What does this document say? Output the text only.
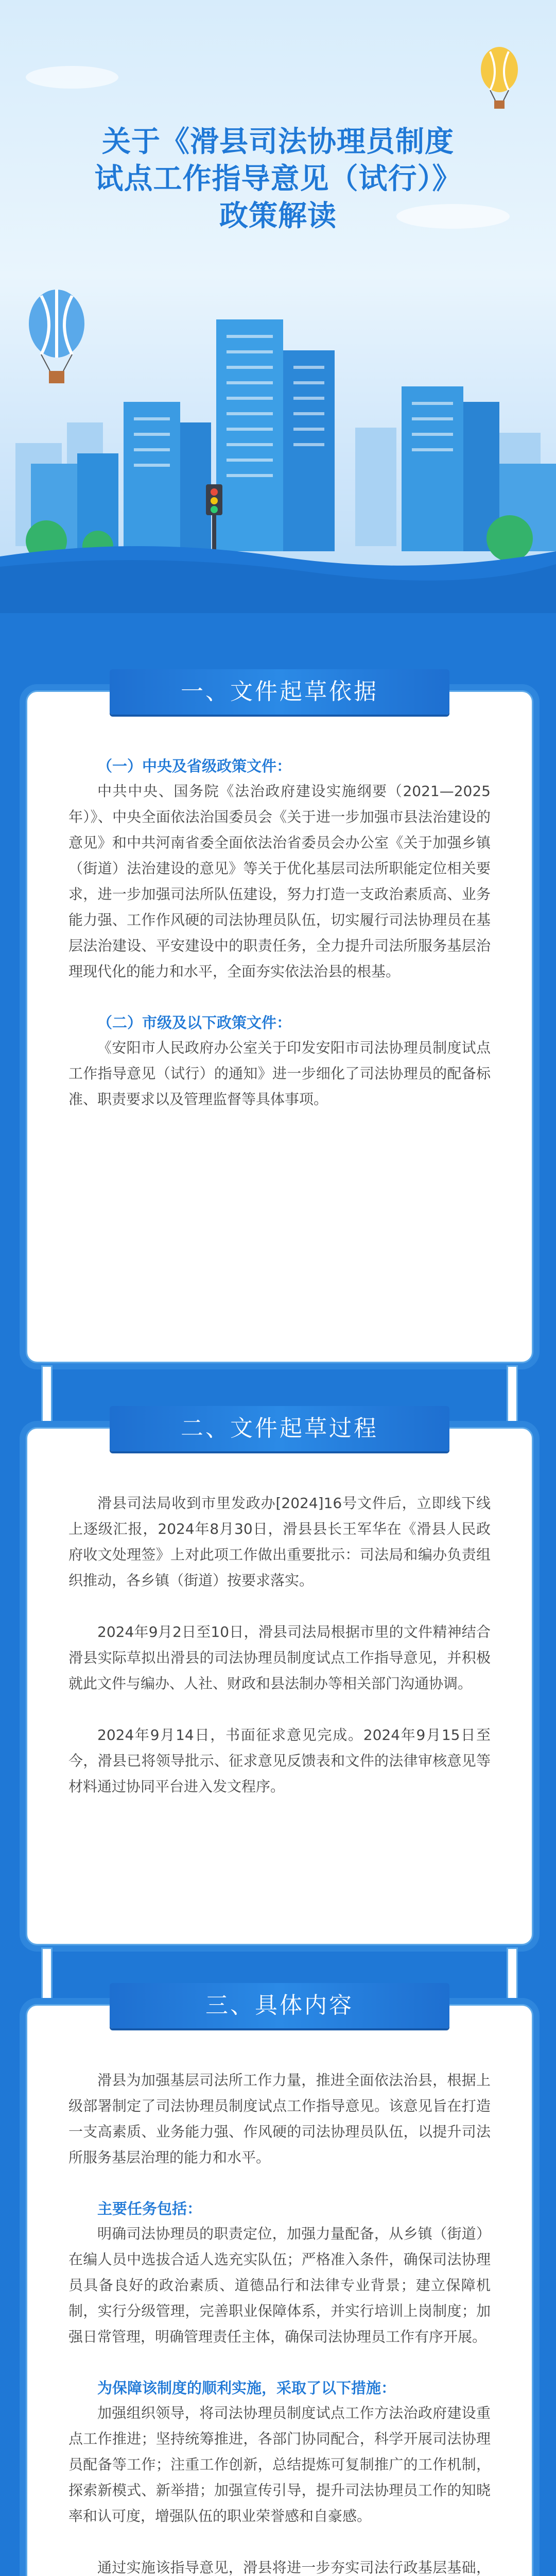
关于《滑县司法协理员制度
试点工作指导意见（试行）》
政策解读
一、文件起草依据

（一）中央及省级政策文件：

中共中央、国务院《法治政府建设实施纲要（2021—2025年）》、中央全面依法治国委员会《关于进一步加强市县法治建设的意见》和中共河南省委全面依法治省委员会办公室《关于加强乡镇（街道）法治建设的意见》等关于优化基层司法所职能定位相关要求，进一步加强司法所队伍建设，努力打造一支政治素质高、业务能力强、工作作风硬的司法协理员队伍，切实履行司法协理员在基层法治建设、平安建设中的职责任务，全力提升司法所服务基层治理现代化的能力和水平，全面夯实依法治县的根基。

（二）市级及以下政策文件：

《安阳市人民政府办公室关于印发安阳市司法协理员制度试点工作指导意见（试行）的通知》进一步细化了司法协理员的配备标准、职责要求以及管理监督等具体事项。

二、文件起草过程

滑县司法局收到市里发政办[2024]16号文件后，立即线下线上逐级汇报，2024年8月30日，滑县县长王军华在《滑县人民政府收文处理签》上对此项工作做出重要批示：司法局和编办负责组织推动，各乡镇（街道）按要求落实。

2024年9月2日至10日，滑县司法局根据市里的文件精神结合滑县实际草拟出滑县的司法协理员制度试点工作指导意见，并积极就此文件与编办、人社、财政和县法制办等相关部门沟通协调。

2024年9月14日，书面征求意见完成。2024年9月15日至今，滑县已将领导批示、征求意见反馈表和文件的法律审核意见等材料通过协同平台进入发文程序。

三、具体内容

滑县为加强基层司法所工作力量，推进全面依法治县，根据上级部署制定了司法协理员制度试点工作指导意见。该意见旨在打造一支高素质、业务能力强、作风硬的司法协理员队伍，以提升司法所服务基层治理的能力和水平。

主要任务包括：

明确司法协理员的职责定位，加强力量配备，从乡镇（街道）在编人员中选拔合适人选充实队伍；严格准入条件，确保司法协理员具备良好的政治素质、道德品行和法律专业背景；建立保障机制，实行分级管理，完善职业保障体系，并实行培训上岗制度；加强日常管理，明确管理责任主体，确保司法协理员工作有序开展。

为保障该制度的顺利实施，采取了以下措施：

加强组织领导，将司法协理员制度试点工作方法治政府建设重点工作推进；坚持统筹推进，各部门协同配合，科学开展司法协理员配备等工作；注重工作创新，总结提炼可复制推广的工作机制，探索新模式、新举措；加强宣传引导，提升司法协理员工作的知晓率和认可度，增强队伍的职业荣誉感和自豪感。

通过实施该指导意见，滑县将进一步夯实司法行政基层基础，
